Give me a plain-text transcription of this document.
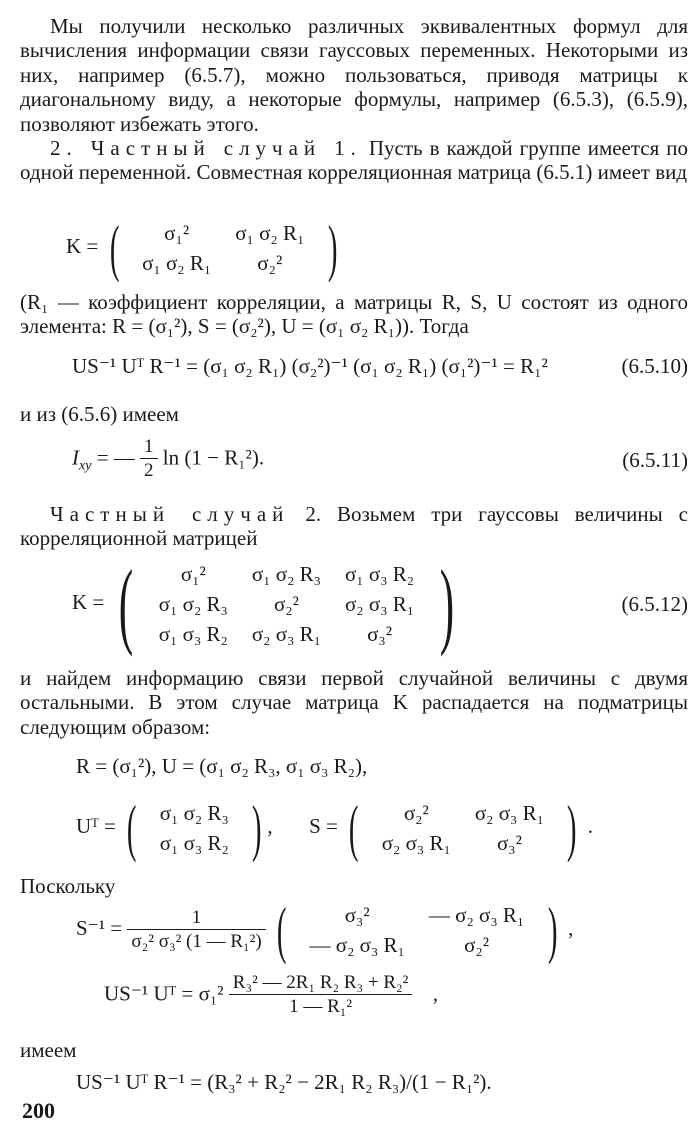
Мы получили несколько различных эквивалентных формул для вычисления информации связи гауссовых переменных. Некоторыми из них, например (6.5.7), можно пользоваться, приводя матрицы к диагональному виду, а некоторые формулы, например (6.5.3), (6.5.9), позволяют избежать этого.

2. Частный случай 1. Пусть в каждой группе имеется по одной переменной. Совместная корреляционная матрица (6.5.1) имеет вид

K = ( σ₁²	σ₁ σ₂ R₁
σ₁ σ₂ R₁	σ₂² )

(R₁ — коэффициент корреляции, а матрицы R, S, U состоят из одного элемента: R = (σ₁²), S = (σ₂²), U = (σ₁ σ₂ R₁)). Тогда

US⁻¹ Uᵀ R⁻¹ = (σ₁ σ₂ R₁) (σ₂²)⁻¹ (σ₁ σ₂ R₁) (σ₁²)⁻¹ = R₁²	(6.5.10)

и из (6.5.6) имеем

$I_{xy}$ = — $\frac{1}{2}$ ln (1 − R₁²).	(6.5.11)

Частный случай 2. Возьмем три гауссовы величины с корреляционной матрицей

K = ( σ₁²	σ₁ σ₂ R₃	σ₁ σ₃ R₂
σ₁ σ₂ R₃	σ₂²	σ₂ σ₃ R₁
σ₁ σ₃ R₂	σ₂ σ₃ R₁	σ₃² )	(6.5.12)

и найдем информацию связи первой случайной величины с двумя остальными. В этом случае матрица K распадается на подматрицы следующим образом:

R = (σ₁²), U = (σ₁ σ₂ R₃, σ₁ σ₃ R₂),
Uᵀ = ( σ₁ σ₂ R₃
σ₁ σ₃ R₂ ) , S = ( σ₂²	σ₂ σ₃ R₁
σ₂ σ₃ R₁	σ₃² ) .

Поскольку

$S^{-1} = \frac{1}{\text{σ₂² σ₃² (1 — R₁²)}}$ (	σ₃²	— σ₂ σ₃ R₁
— σ₂ σ₃ R₁	σ₂² ) ,
US⁻¹ Uᵀ = $\sigma_1^2 \frac{\text{R₃² — 2R₁ R₂ R₃ + R₂²}}{\text{1 — R₁²}}$ ,

имеем

US⁻¹ Uᵀ R⁻¹ = (R₃² + R₂² − 2R₁ R₂ R₃)/(1 − R₁²).
200
